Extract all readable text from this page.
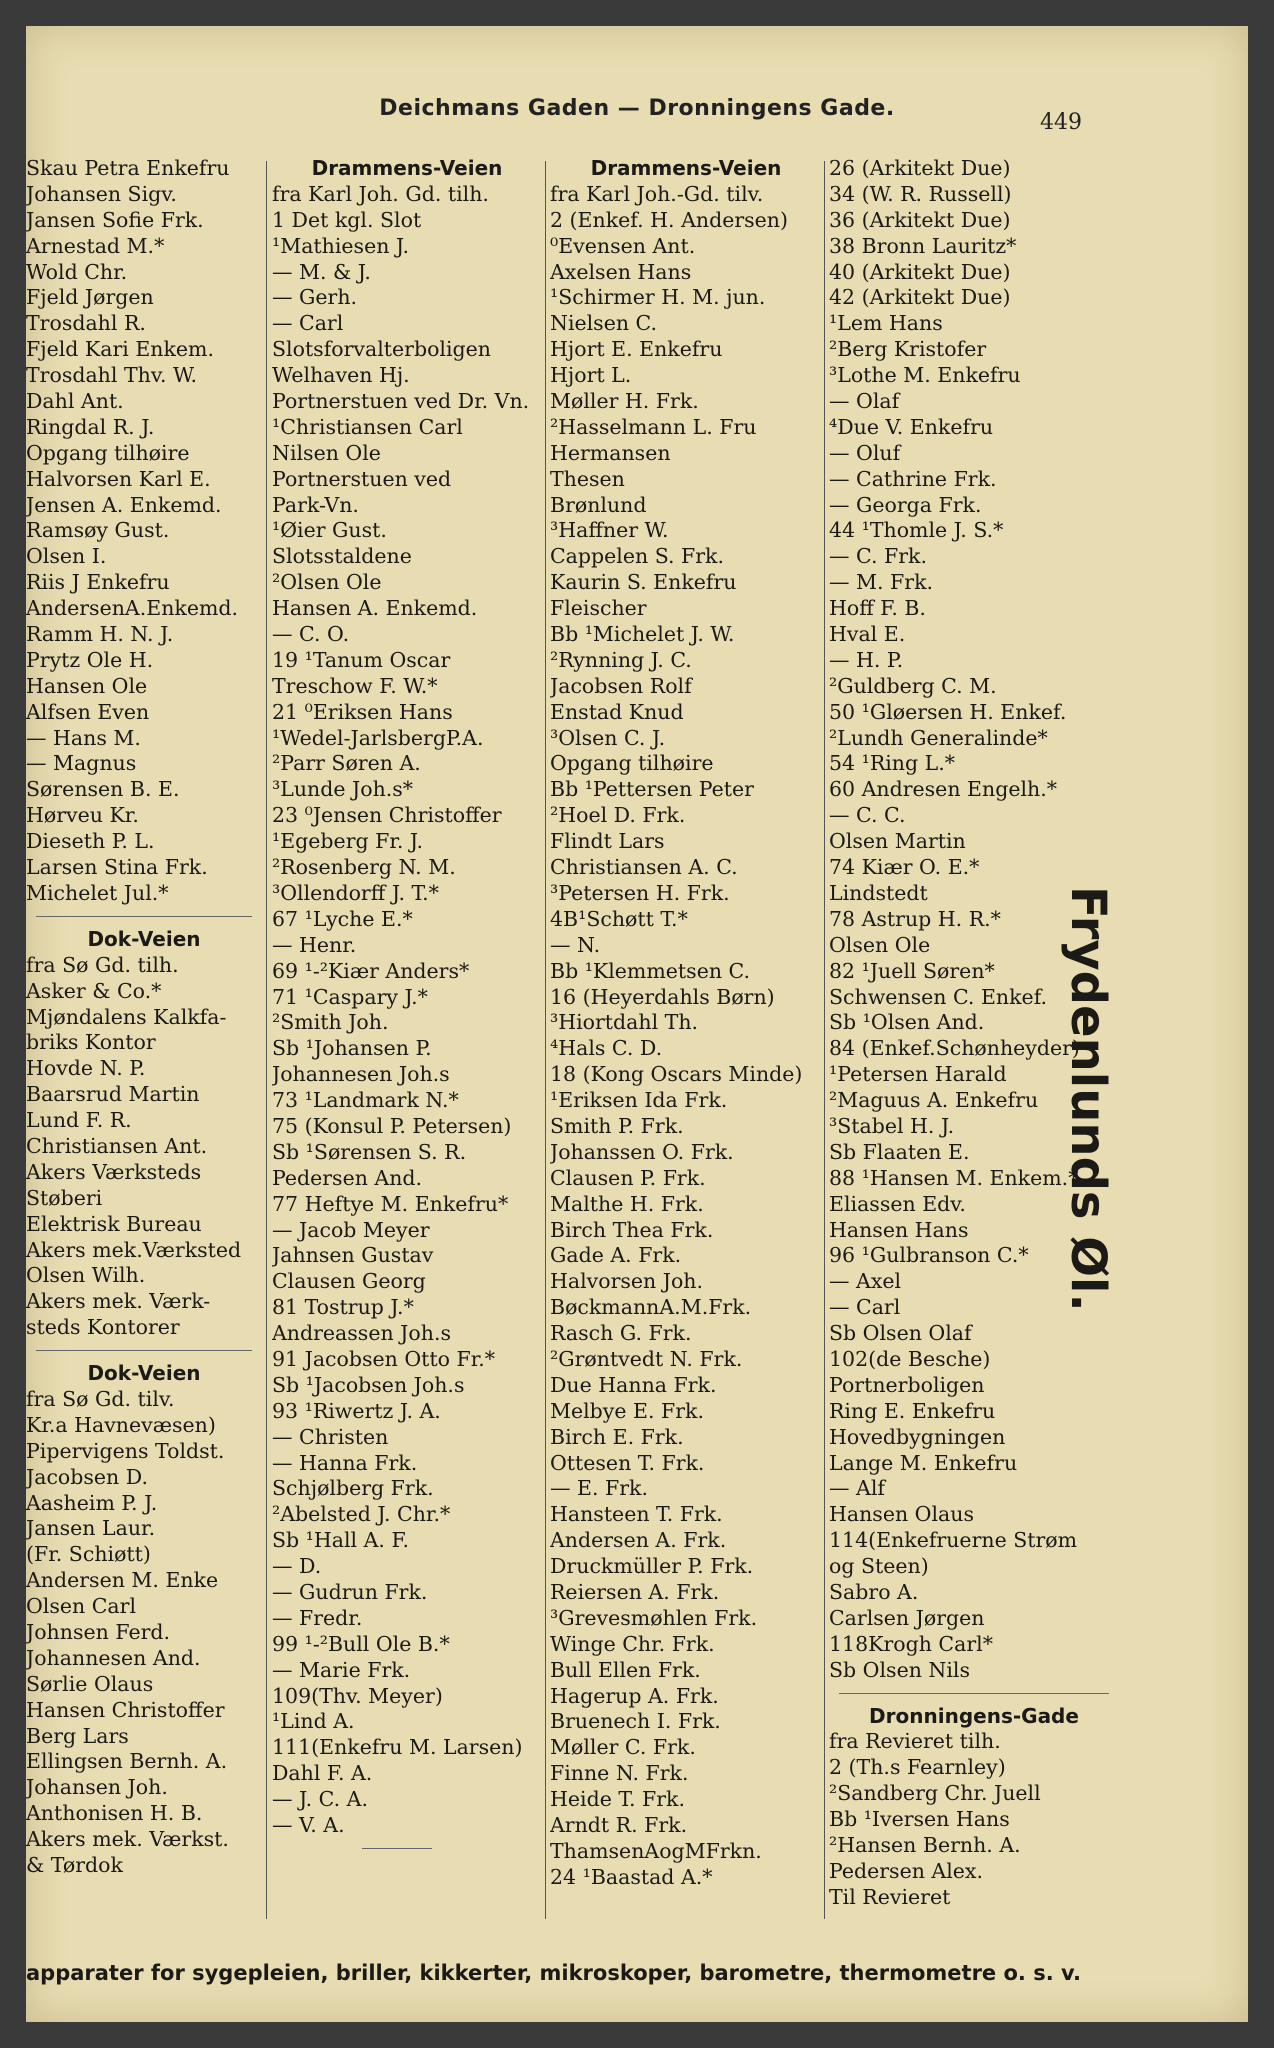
Deichmans Gaden — Dronningens Gade.
449
Skau Petra Enkefru
Johansen Sigv.
Jansen Sofie Frk.
Arnestad M.*
Wold Chr.
Fjeld Jørgen
Trosdahl R.
Fjeld Kari Enkem.
Trosdahl Thv. W.
Dahl Ant.
Ringdal R. J.
Opgang tilhøire
Halvorsen Karl E.
Jensen A. Enkemd.
Ramsøy Gust.
Olsen I.
Riis J Enkefru
AndersenA.Enkemd.
Ramm H. N. J.
Prytz Ole H.
Hansen Ole
Alfsen Even
— Hans M.
— Magnus
Sørensen B. E.
Hørveu Kr.
Dieseth P. L.
Larsen Stina Frk.
Michelet Jul.*
Dok-Veien
fra Sø Gd. tilh.
Asker & Co.*
Mjøndalens Kalkfa-
briks Kontor
Hovde N. P.
Baarsrud Martin
Lund F. R.
Christiansen Ant.
Akers Værksteds
Støberi
Elektrisk Bureau
Akers mek.Værksted
Olsen Wilh.
Akers mek. Værk-
steds Kontorer
Dok-Veien
fra Sø Gd. tilv.
Kr.a Havnevæsen)
Pipervigens Toldst.
Jacobsen D.
Aasheim P. J.
Jansen Laur.
(Fr. Schiøtt)
Andersen M. Enke
Olsen Carl
Johnsen Ferd.
Johannesen And.
Sørlie Olaus
Hansen Christoffer
Berg Lars
Ellingsen Bernh. A.
Johansen Joh.
Anthonisen H. B.
Akers mek. Værkst.
& Tørdok
Drammens-Veien
fra Karl Joh. Gd. tilh.
1 Det kgl. Slot
¹Mathiesen J.
— M. & J.
— Gerh.
— Carl
Slotsforvalterboligen
Welhaven Hj.
Portnerstuen ved Dr. Vn.
¹Christiansen Carl
Nilsen Ole
Portnerstuen ved
Park-Vn.
¹Øier Gust.
Slotsstaldene
²Olsen Ole
Hansen A. Enkemd.
— C. O.
19 ¹Tanum Oscar
Treschow F. W.*
21 ⁰Eriksen Hans
¹Wedel-JarlsbergP.A.
²Parr Søren A.
³Lunde Joh.s*
23 ⁰Jensen Christoffer
¹Egeberg Fr. J.
²Rosenberg N. M.
³Ollendorff J. T.*
67 ¹Lyche E.*
— Henr.
69 ¹-²Kiær Anders*
71 ¹Caspary J.*
²Smith Joh.
Sb ¹Johansen P.
Johannesen Joh.s
73 ¹Landmark N.*
75 (Konsul P. Petersen)
Sb ¹Sørensen S. R.
Pedersen And.
77 Heftye M. Enkefru*
— Jacob Meyer
Jahnsen Gustav
Clausen Georg
81 Tostrup J.*
Andreassen Joh.s
91 Jacobsen Otto Fr.*
Sb ¹Jacobsen Joh.s
93 ¹Riwertz J. A.
— Christen
— Hanna Frk.
Schjølberg Frk.
²Abelsted J. Chr.*
Sb ¹Hall A. F.
— D.
— Gudrun Frk.
— Fredr.
99 ¹-²Bull Ole B.*
— Marie Frk.
109(Thv. Meyer)
¹Lind A.
111(Enkefru M. Larsen)
Dahl F. A.
— J. C. A.
— V. A.
Drammens-Veien
fra Karl Joh.-Gd. tilv.
2 (Enkef. H. Andersen)
⁰Evensen Ant.
Axelsen Hans
¹Schirmer H. M. jun.
Nielsen C.
Hjort E. Enkefru
Hjort L.
Møller H. Frk.
²Hasselmann L. Fru
Hermansen
Thesen
Brønlund
³Haffner W.
Cappelen S. Frk.
Kaurin S. Enkefru
Fleischer
Bb ¹Michelet J. W.
²Rynning J. C.
Jacobsen Rolf
Enstad Knud
³Olsen C. J.
Opgang tilhøire
Bb ¹Pettersen Peter
²Hoel D. Frk.
Flindt Lars
Christiansen A. C.
³Petersen H. Frk.
4B¹Schøtt T.*
— N.
Bb ¹Klemmetsen C.
16 (Heyerdahls Børn)
³Hiortdahl Th.
⁴Hals C. D.
18 (Kong Oscars Minde)
¹Eriksen Ida Frk.
Smith P. Frk.
Johanssen O. Frk.
Clausen P. Frk.
Malthe H. Frk.
Birch Thea Frk.
Gade A. Frk.
Halvorsen Joh.
BøckmannA.M.Frk.
Rasch G. Frk.
²Grøntvedt N. Frk.
Due Hanna Frk.
Melbye E. Frk.
Birch E. Frk.
Ottesen T. Frk.
— E. Frk.
Hansteen T. Frk.
Andersen A. Frk.
Druckmüller P. Frk.
Reiersen A. Frk.
³Grevesmøhlen Frk.
Winge Chr. Frk.
Bull Ellen Frk.
Hagerup A. Frk.
Bruenech I. Frk.
Møller C. Frk.
Finne N. Frk.
Heide T. Frk.
Arndt R. Frk.
ThamsenAogMFrkn.
24 ¹Baastad A.*
26 (Arkitekt Due)
34 (W. R. Russell)
36 (Arkitekt Due)
38 Bronn Lauritz*
40 (Arkitekt Due)
42 (Arkitekt Due)
¹Lem Hans
²Berg Kristofer
³Lothe M. Enkefru
— Olaf
⁴Due V. Enkefru
— Oluf
— Cathrine Frk.
— Georga Frk.
44 ¹Thomle J. S.*
— C. Frk.
— M. Frk.
Hoff F. B.
Hval E.
— H. P.
²Guldberg C. M.
50 ¹Gløersen H. Enkef.
²Lundh Generalinde*
54 ¹Ring L.*
60 Andresen Engelh.*
— C. C.
Olsen Martin
74 Kiær O. E.*
Lindstedt
78 Astrup H. R.*
Olsen Ole
82 ¹Juell Søren*
Schwensen C. Enkef.
Sb ¹Olsen And.
84 (Enkef.Schønheyder)
¹Petersen Harald
²Maguus A. Enkefru
³Stabel H. J.
Sb Flaaten E.
88 ¹Hansen M. Enkem.*
Eliassen Edv.
Hansen Hans
96 ¹Gulbranson C.*
— Axel
— Carl
Sb Olsen Olaf
102(de Besche)
Portnerboligen
Ring E. Enkefru
Hovedbygningen
Lange M. Enkefru
— Alf
Hansen Olaus
114(Enkefruerne Strøm
og Steen)
Sabro A.
Carlsen Jørgen
118Krogh Carl*
Sb Olsen Nils
Dronningens-Gade
fra Revieret tilh.
2 (Th.s Fearnley)
²Sandberg Chr. Juell
Bb ¹Iversen Hans
²Hansen Bernh. A.
Pedersen Alex.
Til Revieret
Frydenlunds Øl.
apparater for sygepleien, briller, kikkerter, mikroskoper, barometre, thermometre o. s. v.
